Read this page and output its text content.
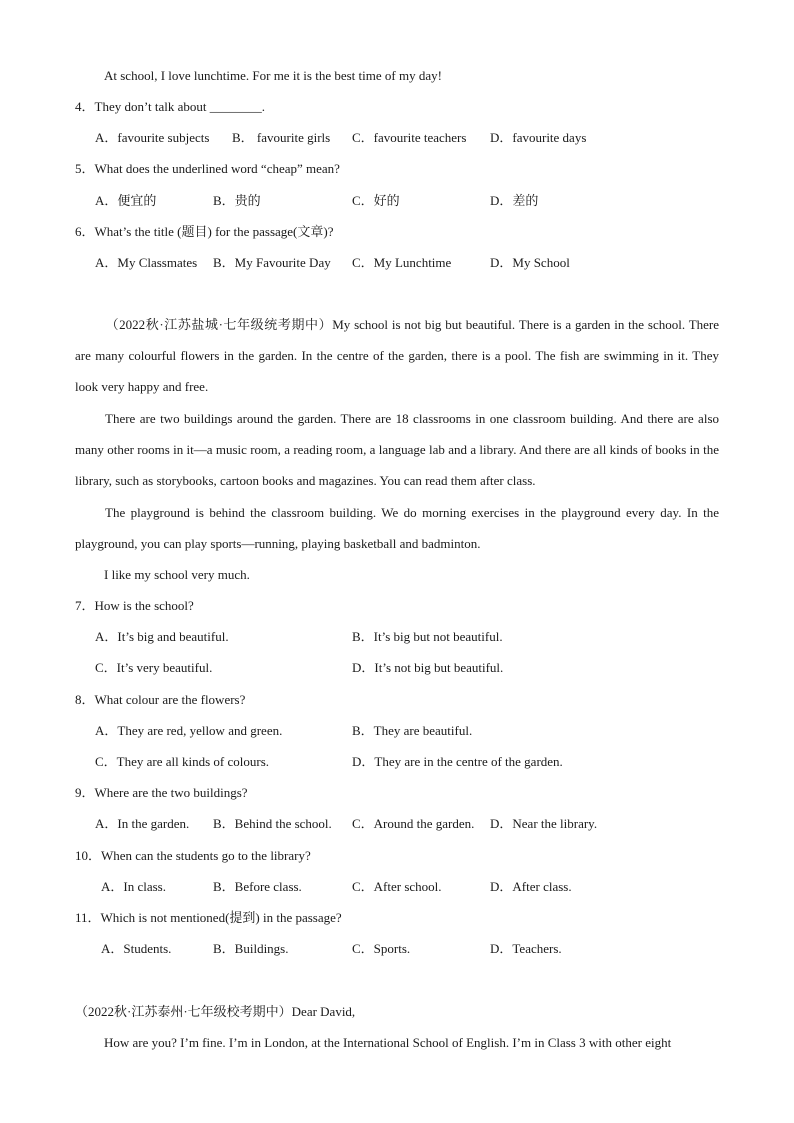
At school, I love lunchtime. For me it is the best time of my day!
4．They don’t talk about ________.
A．favourite subjects B． favourite girls C．favourite teachers D．favourite days
5．What does the underlined word “cheap” mean?
A．便宜的	B．贵的	C．好的	D．差的
6．What’s the title (题目) for the passage(文章)?
A．My Classmates B．My Favourite Day C．My Lunchtime	D．My School
（2022秋·江苏盐城·七年级统考期中）My school is not big but beautiful. There is a garden in the school. There are many colourful flowers in the garden. In the centre of the garden, there is a pool. The fish are swimming in it. They look very happy and free.
There are two buildings around the garden. There are 18 classrooms in one classroom building. And there are also many other rooms in it—a music room, a reading room, a language lab and a library. And there are all kinds of books in the library, such as storybooks, cartoon books and magazines. You can read them after class.
The playground is behind the classroom building. We do morning exercises in the playground every day. In the playground, you can play sports—running, playing basketball and badminton.
I like my school very much.
7．How is the school?
A．It’s big and beautiful.	B．It’s big but not beautiful.
C．It’s very beautiful.	D．It’s not big but beautiful.
8．What colour are the flowers?
A．They are red, yellow and green.	B．They are beautiful.
C．They are all kinds of colours.	D．They are in the centre of the garden.
9．Where are the two buildings?
A．In the garden. B．Behind the school. C．Around the garden. D．Near the library.
10．When can the students go to the library?
A．In class.	B．Before class.	C．After school.	D．After class.
11．Which is not mentioned(提到) in the passage?
A．Students.	B．Buildings.	C．Sports.	D．Teachers.
（2022秋·江苏泰州·七年级校考期中）Dear David,
How are you? I’m fine. I’m in London, at the International School of English. I’m in Class 3 with other eight
